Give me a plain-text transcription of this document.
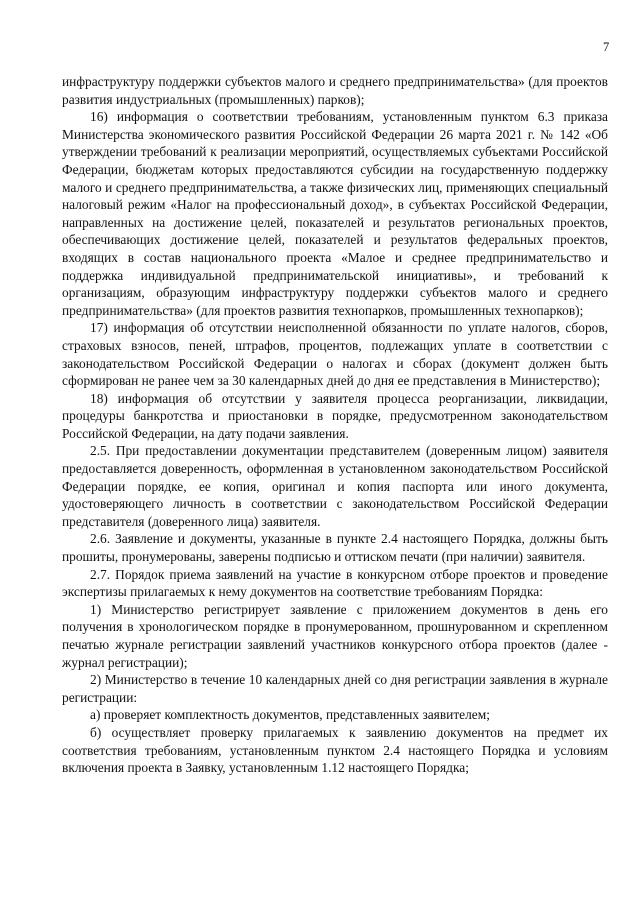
7

инфраструктуру поддержки субъектов малого и среднего предпринимательства» (для проектов развития индустриальных (промышленных) парков);

16) информация о соответствии требованиям, установленным пунктом 6.3 приказа Министерства экономического развития Российской Федерации 26 марта 2021 г. № 142 «Об утверждении требований к реализации мероприятий, осуществляемых субъектами Российской Федерации, бюджетам которых предоставляются субсидии на государственную поддержку малого и среднего предпринимательства, а также физических лиц, применяющих специальный налоговый режим «Налог на профессиональный доход», в субъектах Российской Федерации, направленных на достижение целей, показателей и результатов региональных проектов, обеспечивающих достижение целей, показателей и результатов федеральных проектов, входящих в состав национального проекта «Малое и среднее предпринимательство и поддержка индивидуальной предпринимательской инициативы», и требований к организациям, образующим инфраструктуру поддержки субъектов малого и среднего предпринимательства» (для проектов развития технопарков, промышленных технопарков);

17) информация об отсутствии неисполненной обязанности по уплате налогов, сборов, страховых взносов, пеней, штрафов, процентов, подлежащих уплате в соответствии с законодательством Российской Федерации о налогах и сборах (документ должен быть сформирован не ранее чем за 30 календарных дней до дня ее представления в Министерство);

18) информация об отсутствии у заявителя процесса реорганизации, ликвидации, процедуры банкротства и приостановки в порядке, предусмотренном законодательством Российской Федерации, на дату подачи заявления.

2.5. При предоставлении документации представителем (доверенным лицом) заявителя предоставляется доверенность, оформленная в установленном законодательством Российской Федерации порядке, ее копия, оригинал и копия паспорта или иного документа, удостоверяющего личность в соответствии с законодательством Российской Федерации представителя (доверенного лица) заявителя.

2.6. Заявление и документы, указанные в пункте 2.4 настоящего Порядка, должны быть прошиты, пронумерованы, заверены подписью и оттиском печати (при наличии) заявителя.

2.7. Порядок приема заявлений на участие в конкурсном отборе проектов и проведение экспертизы прилагаемых к нему документов на соответствие требованиям Порядка:

1) Министерство регистрирует заявление с приложением документов в день его получения в хронологическом порядке в пронумерованном, прошнурованном и скрепленном печатью журнале регистрации заявлений участников конкурсного отбора проектов (далее - журнал регистрации);

2) Министерство в течение 10 календарных дней со дня регистрации заявления в журнале регистрации:

а) проверяет комплектность документов, представленных заявителем;

б) осуществляет проверку прилагаемых к заявлению документов на предмет их соответствия требованиям, установленным пунктом 2.4 настоящего Порядка и условиям включения проекта в Заявку, установленным 1.12 настоящего Порядка;
